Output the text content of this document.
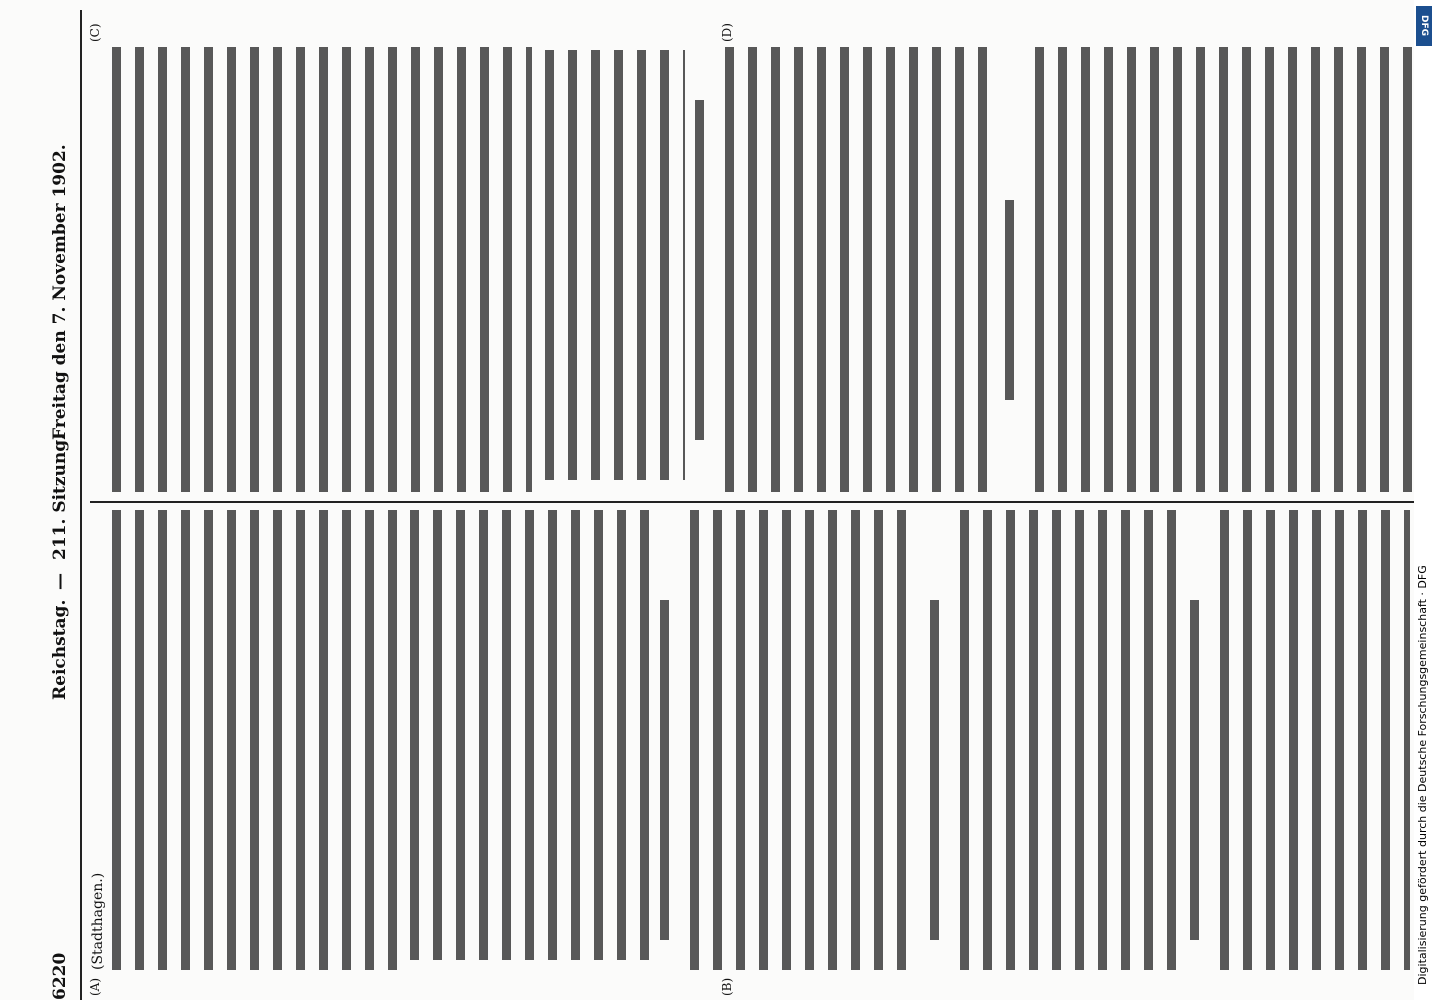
6220
Reichstag.
—
211. Sitzung.
Freitag den 7. November 1902.
(A)	(B)
(C)	(D)
(Stadthagen.)
DFG
Digitalisierung gefördert durch die Deutsche Forschungsgemeinschaft · DFG
